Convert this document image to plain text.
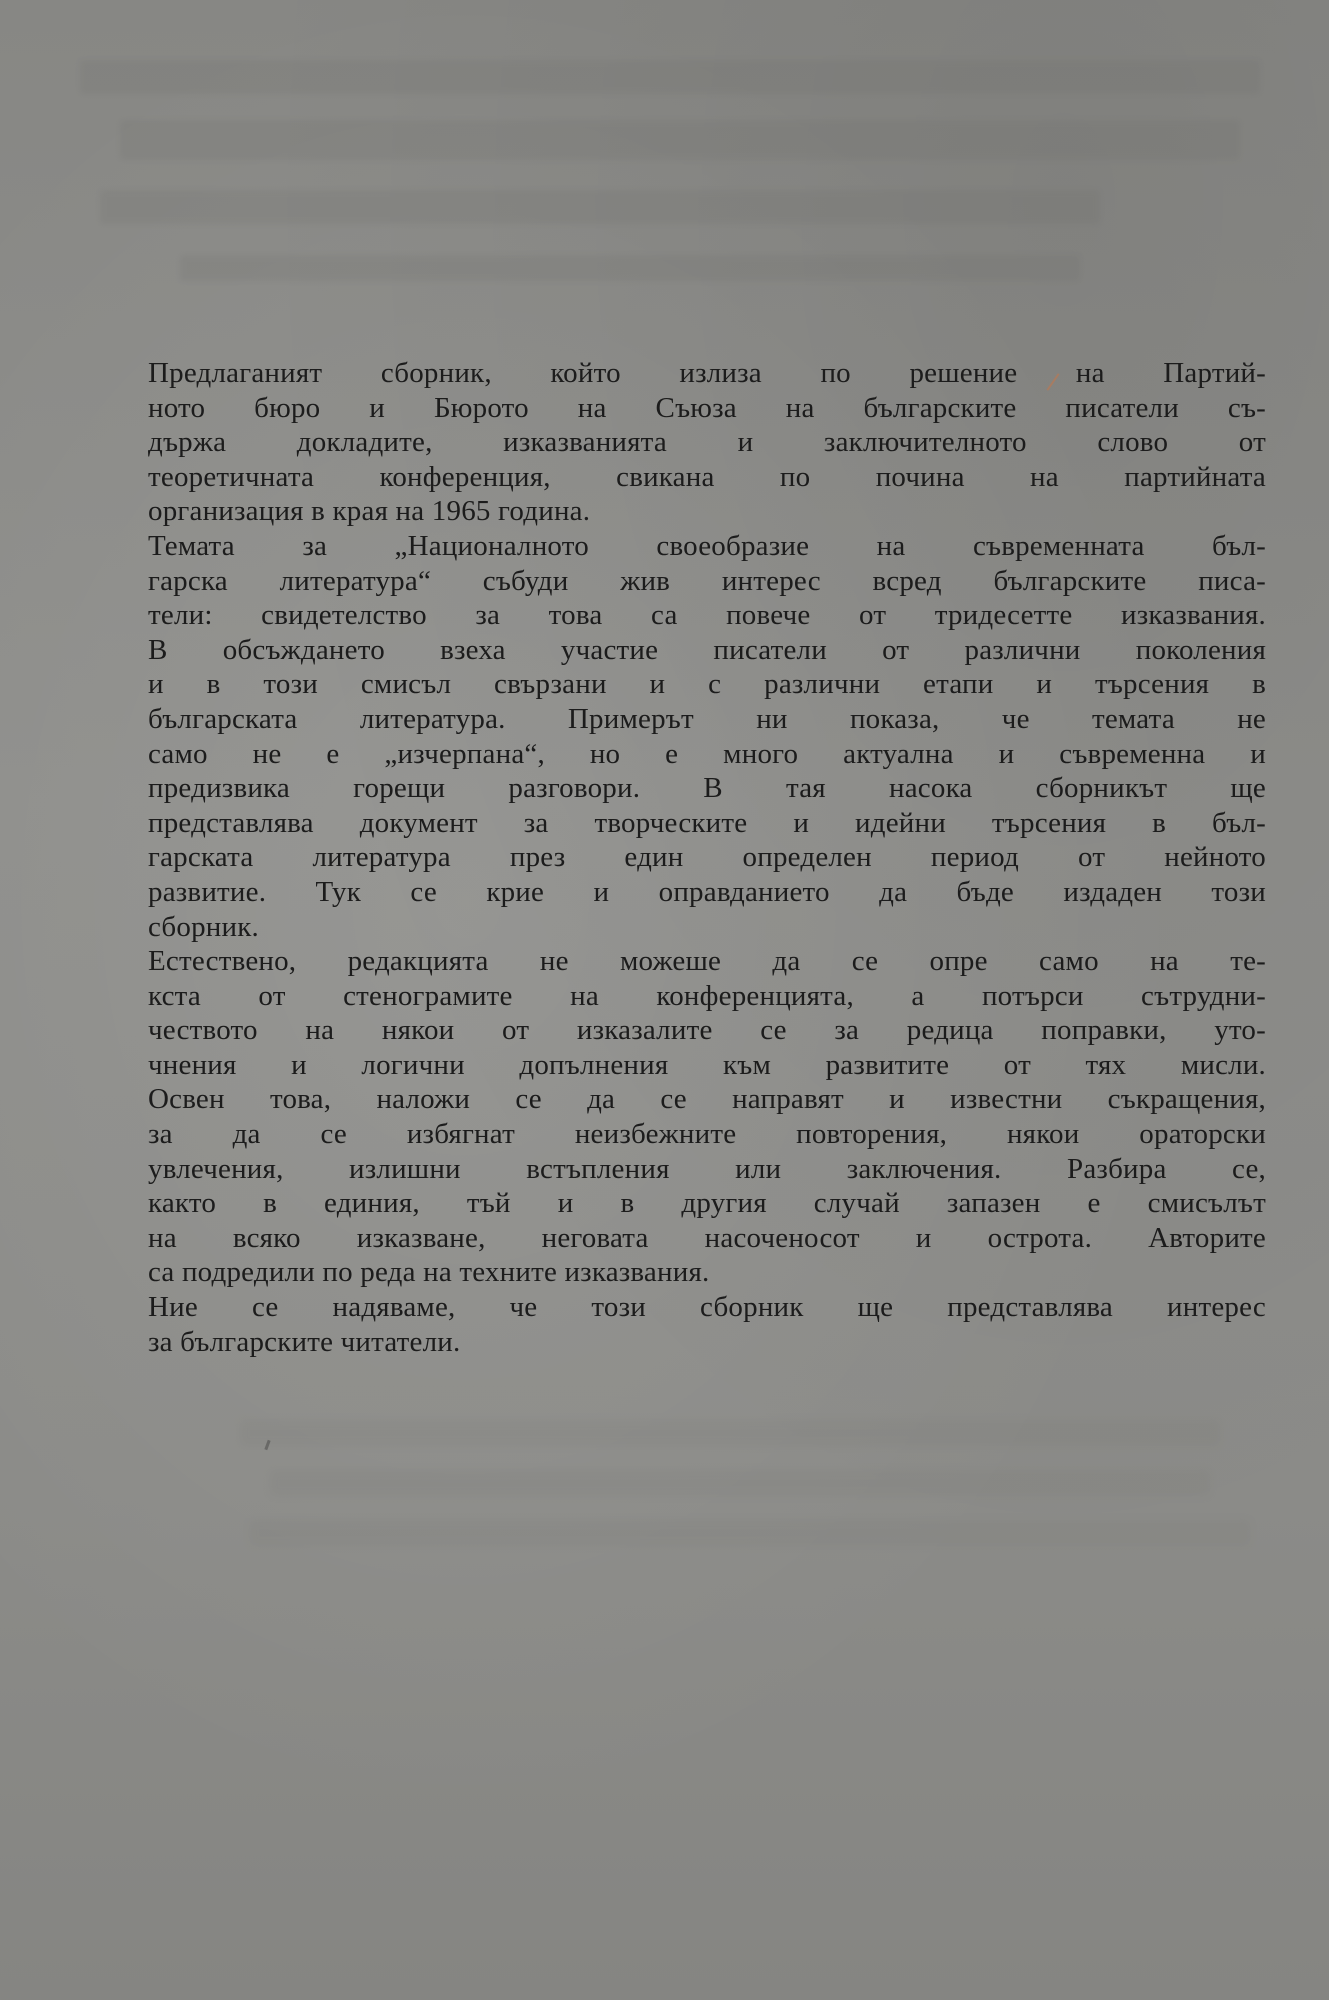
Предлаганият сборник, който излиза по решение на Партий-
ното бюро и Бюрото на Съюза на българските писатели съ-
държа докладите, изказванията и заключителното слово от
теоретичната конференция, свикана по почина на партийната
организация в края на 1965 година.
Темата за „Националното своеобразие на съвременната бъл-
гарска литература“ събуди жив интерес всред българските писа-
тели: свидетелство за това са повече от тридесетте изказвания.
В обсъждането взеха участие писатели от различни поколения
и в този смисъл свързани и с различни етапи и търсения в
българската литература. Примерът ни показа, че темата не
само не е „изчерпана“, но е много актуална и съвременна и
предизвика горещи разговори. В тая насока сборникът ще
представлява документ за творческите и идейни търсения в бъл-
гарската литература през един определен период от нейното
развитие. Тук се крие и оправданието да бъде издаден този
сборник.
Естествено, редакцията не можеше да се опре само на те-
кста от стенограмите на конференцията, а потърси сътрудни-
чеството на някои от изказалите се за редица поправки, уто-
чнения и логични допълнения към развитите от тях мисли.
Освен това, наложи се да се направят и известни съкращения,
за да се избягнат неизбежните повторения, някои ораторски
увлечения, излишни встъпления или заключения. Разбира се,
както в единия, тъй и в другия случай запазен е смисълът
на всяко изказване, неговата насоченосот и острота. Авторите
са подредили по реда на техните изказвания.
Ние се надяваме, че този сборник ще представлява интерес
за българските читатели.
